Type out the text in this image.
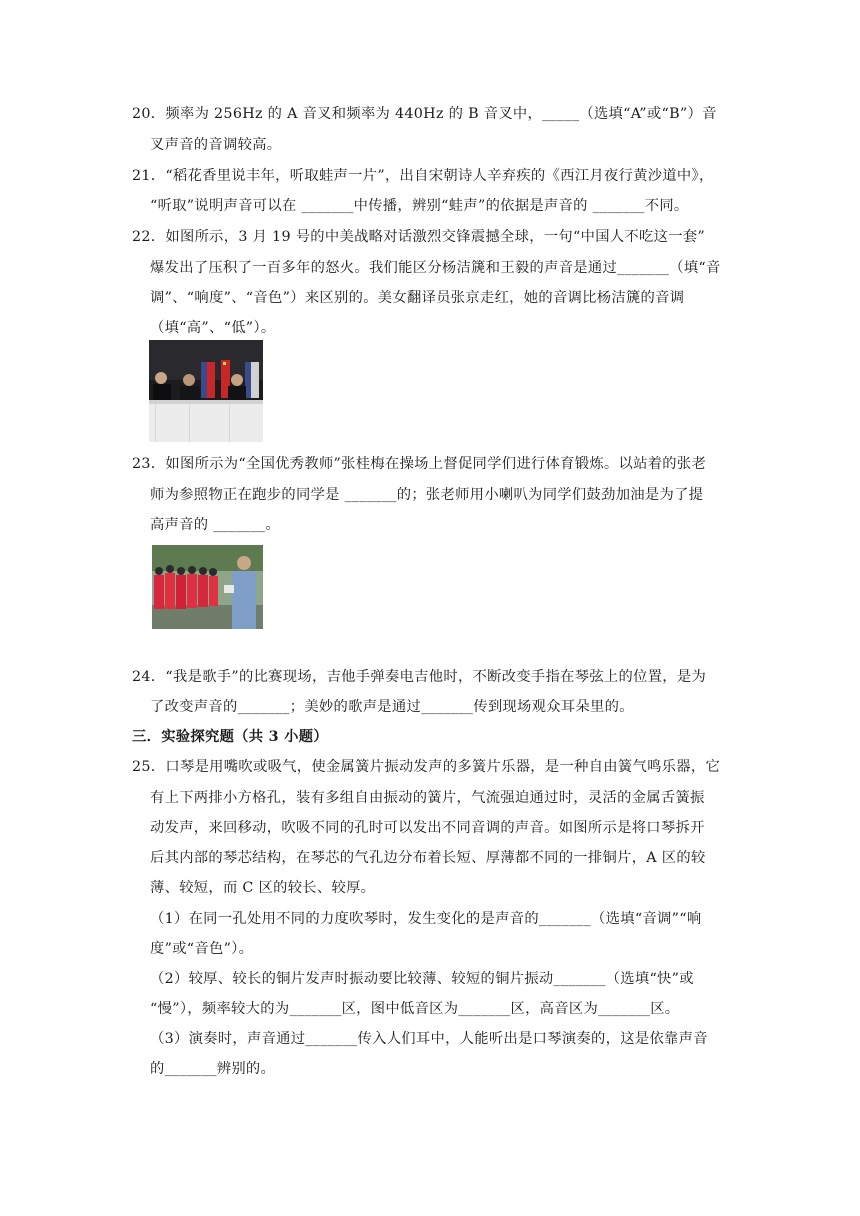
20．频率为 256Hz 的 A 音叉和频率为 440Hz 的 B 音叉中，_____（选填“A”或“B”）音
叉声音的音调较高。
21．“稻花香里说丰年，听取蛙声一片”，出自宋朝诗人辛弃疾的《西江月夜行黄沙道中》，
“听取”说明声音可以在 _______中传播，辨别“蛙声”的依据是声音的 _______不同。
22．如图所示，3 月 19 号的中美战略对话激烈交锋震撼全球，一句“中国人不吃这一套”
爆发出了压积了一百多年的怒火。我们能区分杨洁篪和王毅的声音是通过_______（填“音
调”、“响度”、“音色”）来区别的。美女翻译员张京走红，她的音调比杨洁篪的音调
（填“高”、“低”）。
23．如图所示为“全国优秀教师”张桂梅在操场上督促同学们进行体育锻炼。以站着的张老
师为参照物正在跑步的同学是 _______的；张老师用小喇叭为同学们鼓劲加油是为了提
高声音的 _______。
24．“我是歌手”的比赛现场，吉他手弹奏电吉他时，不断改变手指在琴弦上的位置，是为
了改变声音的_______；美妙的歌声是通过_______传到现场观众耳朵里的。
三．实验探究题（共 3 小题）
25．口琴是用嘴吹或吸气，使金属簧片振动发声的多簧片乐器，是一种自由簧气鸣乐器，它
有上下两排小方格孔，装有多组自由振动的簧片，气流强迫通过时，灵活的金属舌簧振
动发声，来回移动，吹吸不同的孔时可以发出不同音调的声音。如图所示是将口琴拆开
后其内部的琴芯结构，在琴芯的气孔边分布着长短、厚薄都不同的一排铜片，A 区的较
薄、较短，而 C 区的较长、较厚。
（1）在同一孔处用不同的力度吹琴时，发生变化的是声音的_______（选填“音调”“响
度”或“音色”）。
（2）较厚、较长的铜片发声时振动要比较薄、较短的铜片振动_______（选填“快”或
“慢”），频率较大的为_______区，图中低音区为_______区，高音区为_______区。
（3）演奏时，声音通过_______传入人们耳中，人能听出是口琴演奏的，这是依靠声音
的_______辨别的。
